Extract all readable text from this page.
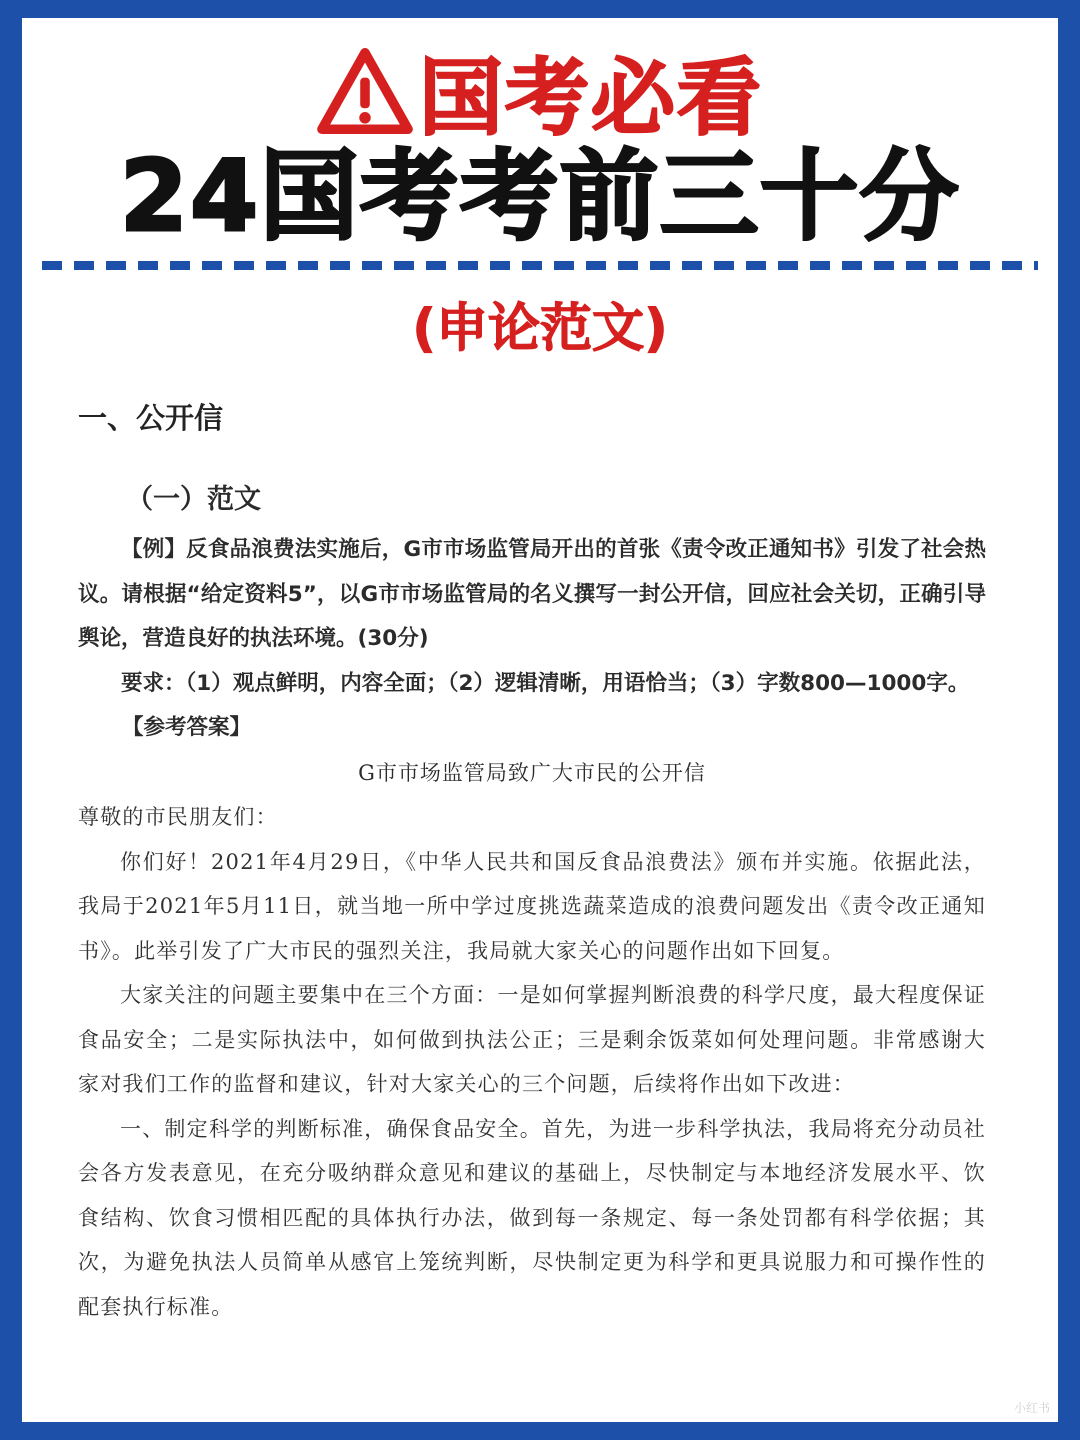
国考必看
24国考考前三十分
(申论范文)
一、公开信
（一）范文

【例】反食品浪费法实施后，G市市场监管局开出的首张《责令改正通知书》引发了社会热议。请根据“给定资料5”，以G市市场监管局的名义撰写一封公开信，回应社会关切，正确引导舆论，营造良好的执法环境。(30分)

要求：（1）观点鲜明，内容全面；（2）逻辑清晰，用语恰当；（3）字数800—1000字。

【参考答案】

G市市场监管局致广大市民的公开信

尊敬的市民朋友们：

你们好！2021年4月29日，《中华人民共和国反食品浪费法》颁布并实施。依据此法，我局于2021年5月11日，就当地一所中学过度挑选蔬菜造成的浪费问题发出《责令改正通知书》。此举引发了广大市民的强烈关注，我局就大家关心的问题作出如下回复。

大家关注的问题主要集中在三个方面：一是如何掌握判断浪费的科学尺度，最大程度保证食品安全；二是实际执法中，如何做到执法公正；三是剩余饭菜如何处理问题。非常感谢大家对我们工作的监督和建议，针对大家关心的三个问题，后续将作出如下改进：

一、制定科学的判断标准，确保食品安全。首先，为进一步科学执法，我局将充分动员社会各方发表意见，在充分吸纳群众意见和建议的基础上，尽快制定与本地经济发展水平、饮食结构、饮食习惯相匹配的具体执行办法，做到每一条规定、每一条处罚都有科学依据；其次，为避免执法人员简单从感官上笼统判断，尽快制定更为科学和更具说服力和可操作性的配套执行标准。

小红书
